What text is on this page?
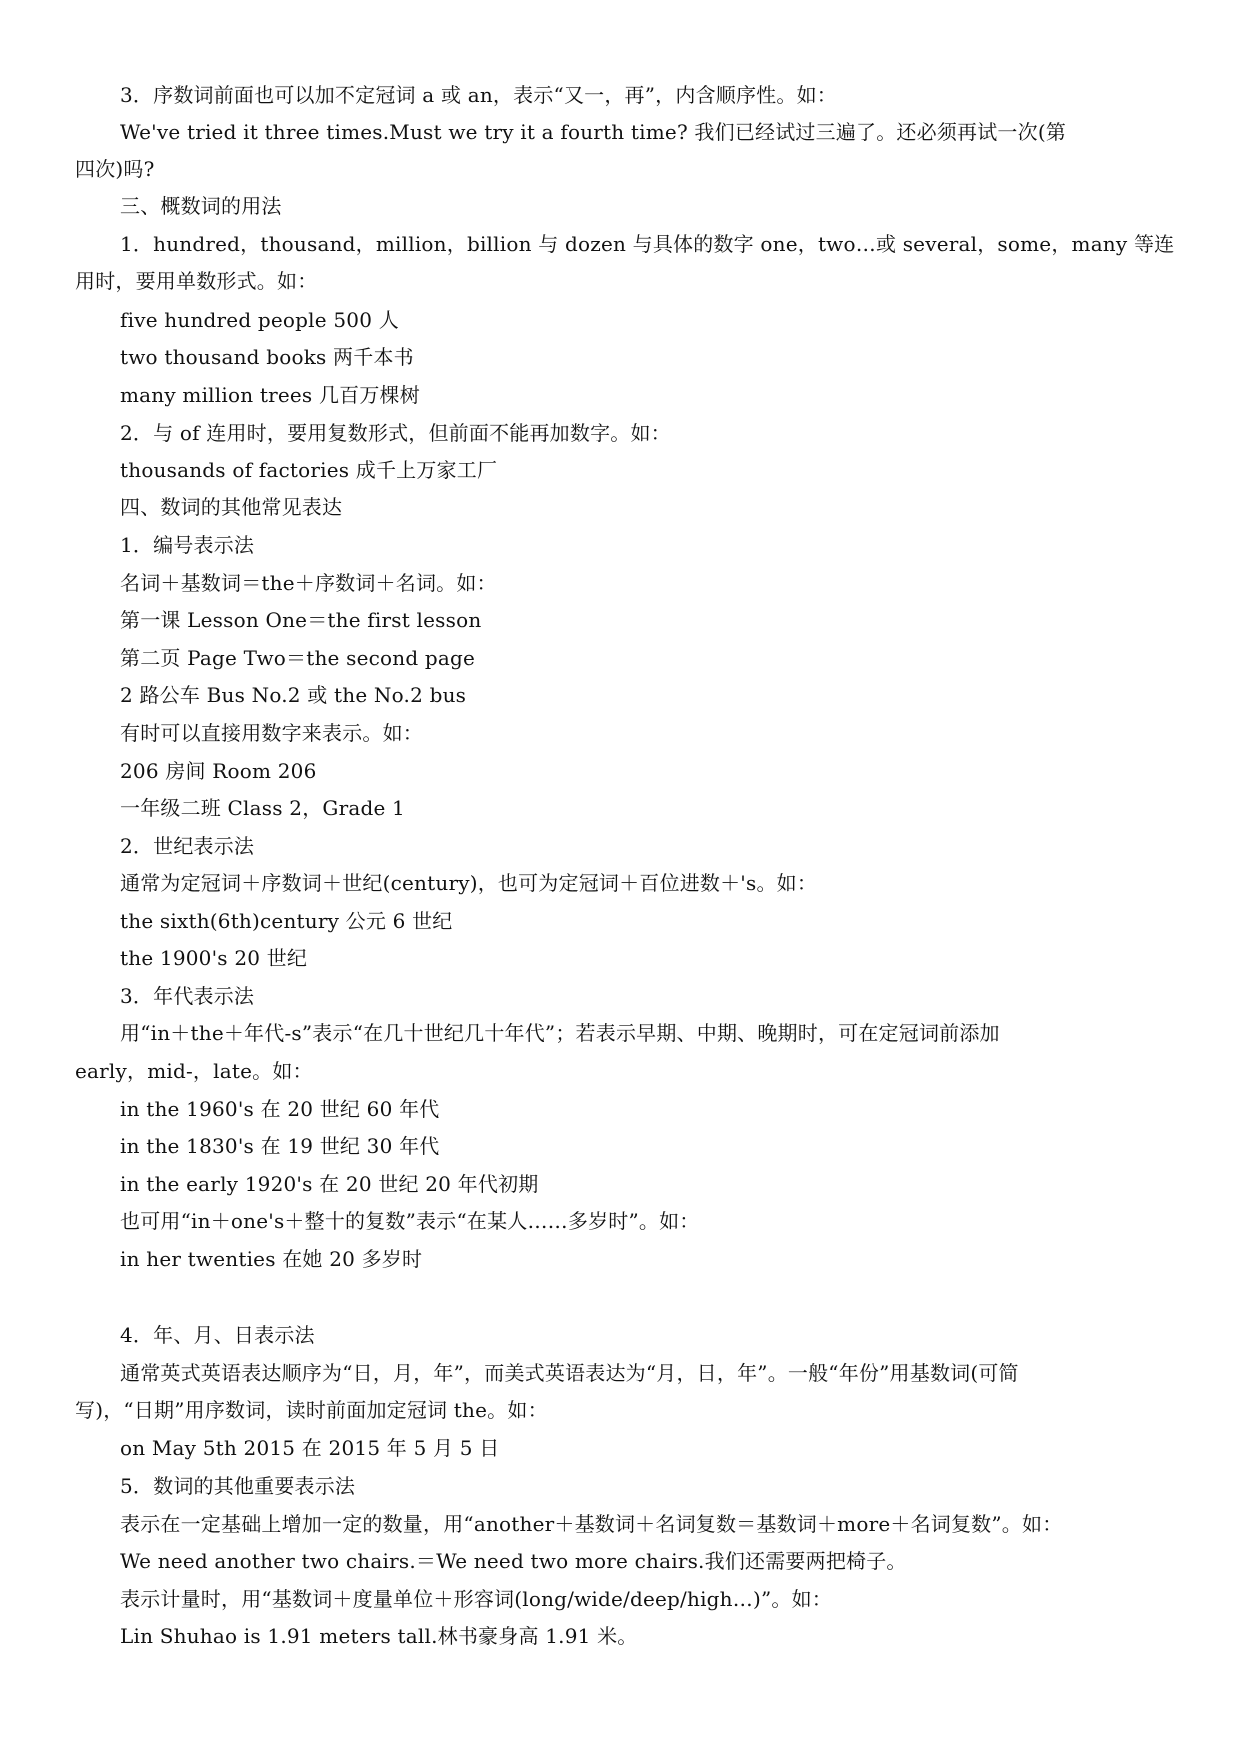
3．序数词前面也可以加不定冠词 a 或 an，表示“又一，再”，内含顺序性。如：
We've tried it three times.Must we try it a fourth time? 我们已经试过三遍了。还必须再试一次(第
四次)吗?
三、概数词的用法
1．hundred，thousand，million，billion 与 dozen 与具体的数字 one，two…或 several，some，many 等连
用时，要用单数形式。如：
five hundred people 500 人
two thousand books 两千本书
many million trees 几百万棵树
2．与 of 连用时，要用复数形式，但前面不能再加数字。如：
thousands of factories 成千上万家工厂
四、数词的其他常见表达
1．编号表示法
名词＋基数词＝the＋序数词＋名词。如：
第一课 Lesson One＝the first lesson
第二页 Page Two＝the second page
2 路公车 Bus No.2 或 the No.2 bus
有时可以直接用数字来表示。如：
206 房间 Room 206
一年级二班 Class 2，Grade 1
2．世纪表示法
通常为定冠词＋序数词＋世纪(century)，也可为定冠词＋百位进数＋'s。如：
the sixth(6th)century 公元 6 世纪
the 1900's 20 世纪
3．年代表示法
用“in＋the＋年代-s”表示“在几十世纪几十年代”；若表示早期、中期、晚期时，可在定冠词前添加
early，mid-，late。如：
in the 1960's 在 20 世纪 60 年代
in the 1830's 在 19 世纪 30 年代
in the early 1920's 在 20 世纪 20 年代初期
也可用“in＋one's＋整十的复数”表示“在某人……多岁时”。如：
in her twenties 在她 20 多岁时
4．年、月、日表示法
通常英式英语表达顺序为“日，月，年”，而美式英语表达为“月，日，年”。一般“年份”用基数词(可简
写)，“日期”用序数词，读时前面加定冠词 the。如：
on May 5th 2015 在 2015 年 5 月 5 日
5．数词的其他重要表示法
表示在一定基础上增加一定的数量，用“another＋基数词＋名词复数＝基数词＋more＋名词复数”。如：
We need another two chairs.＝We need two more chairs.我们还需要两把椅子。
表示计量时，用“基数词＋度量单位＋形容词(long/wide/deep/high…)”。如：
Lin Shuhao is 1.91 meters tall.林书豪身高 1.91 米。
